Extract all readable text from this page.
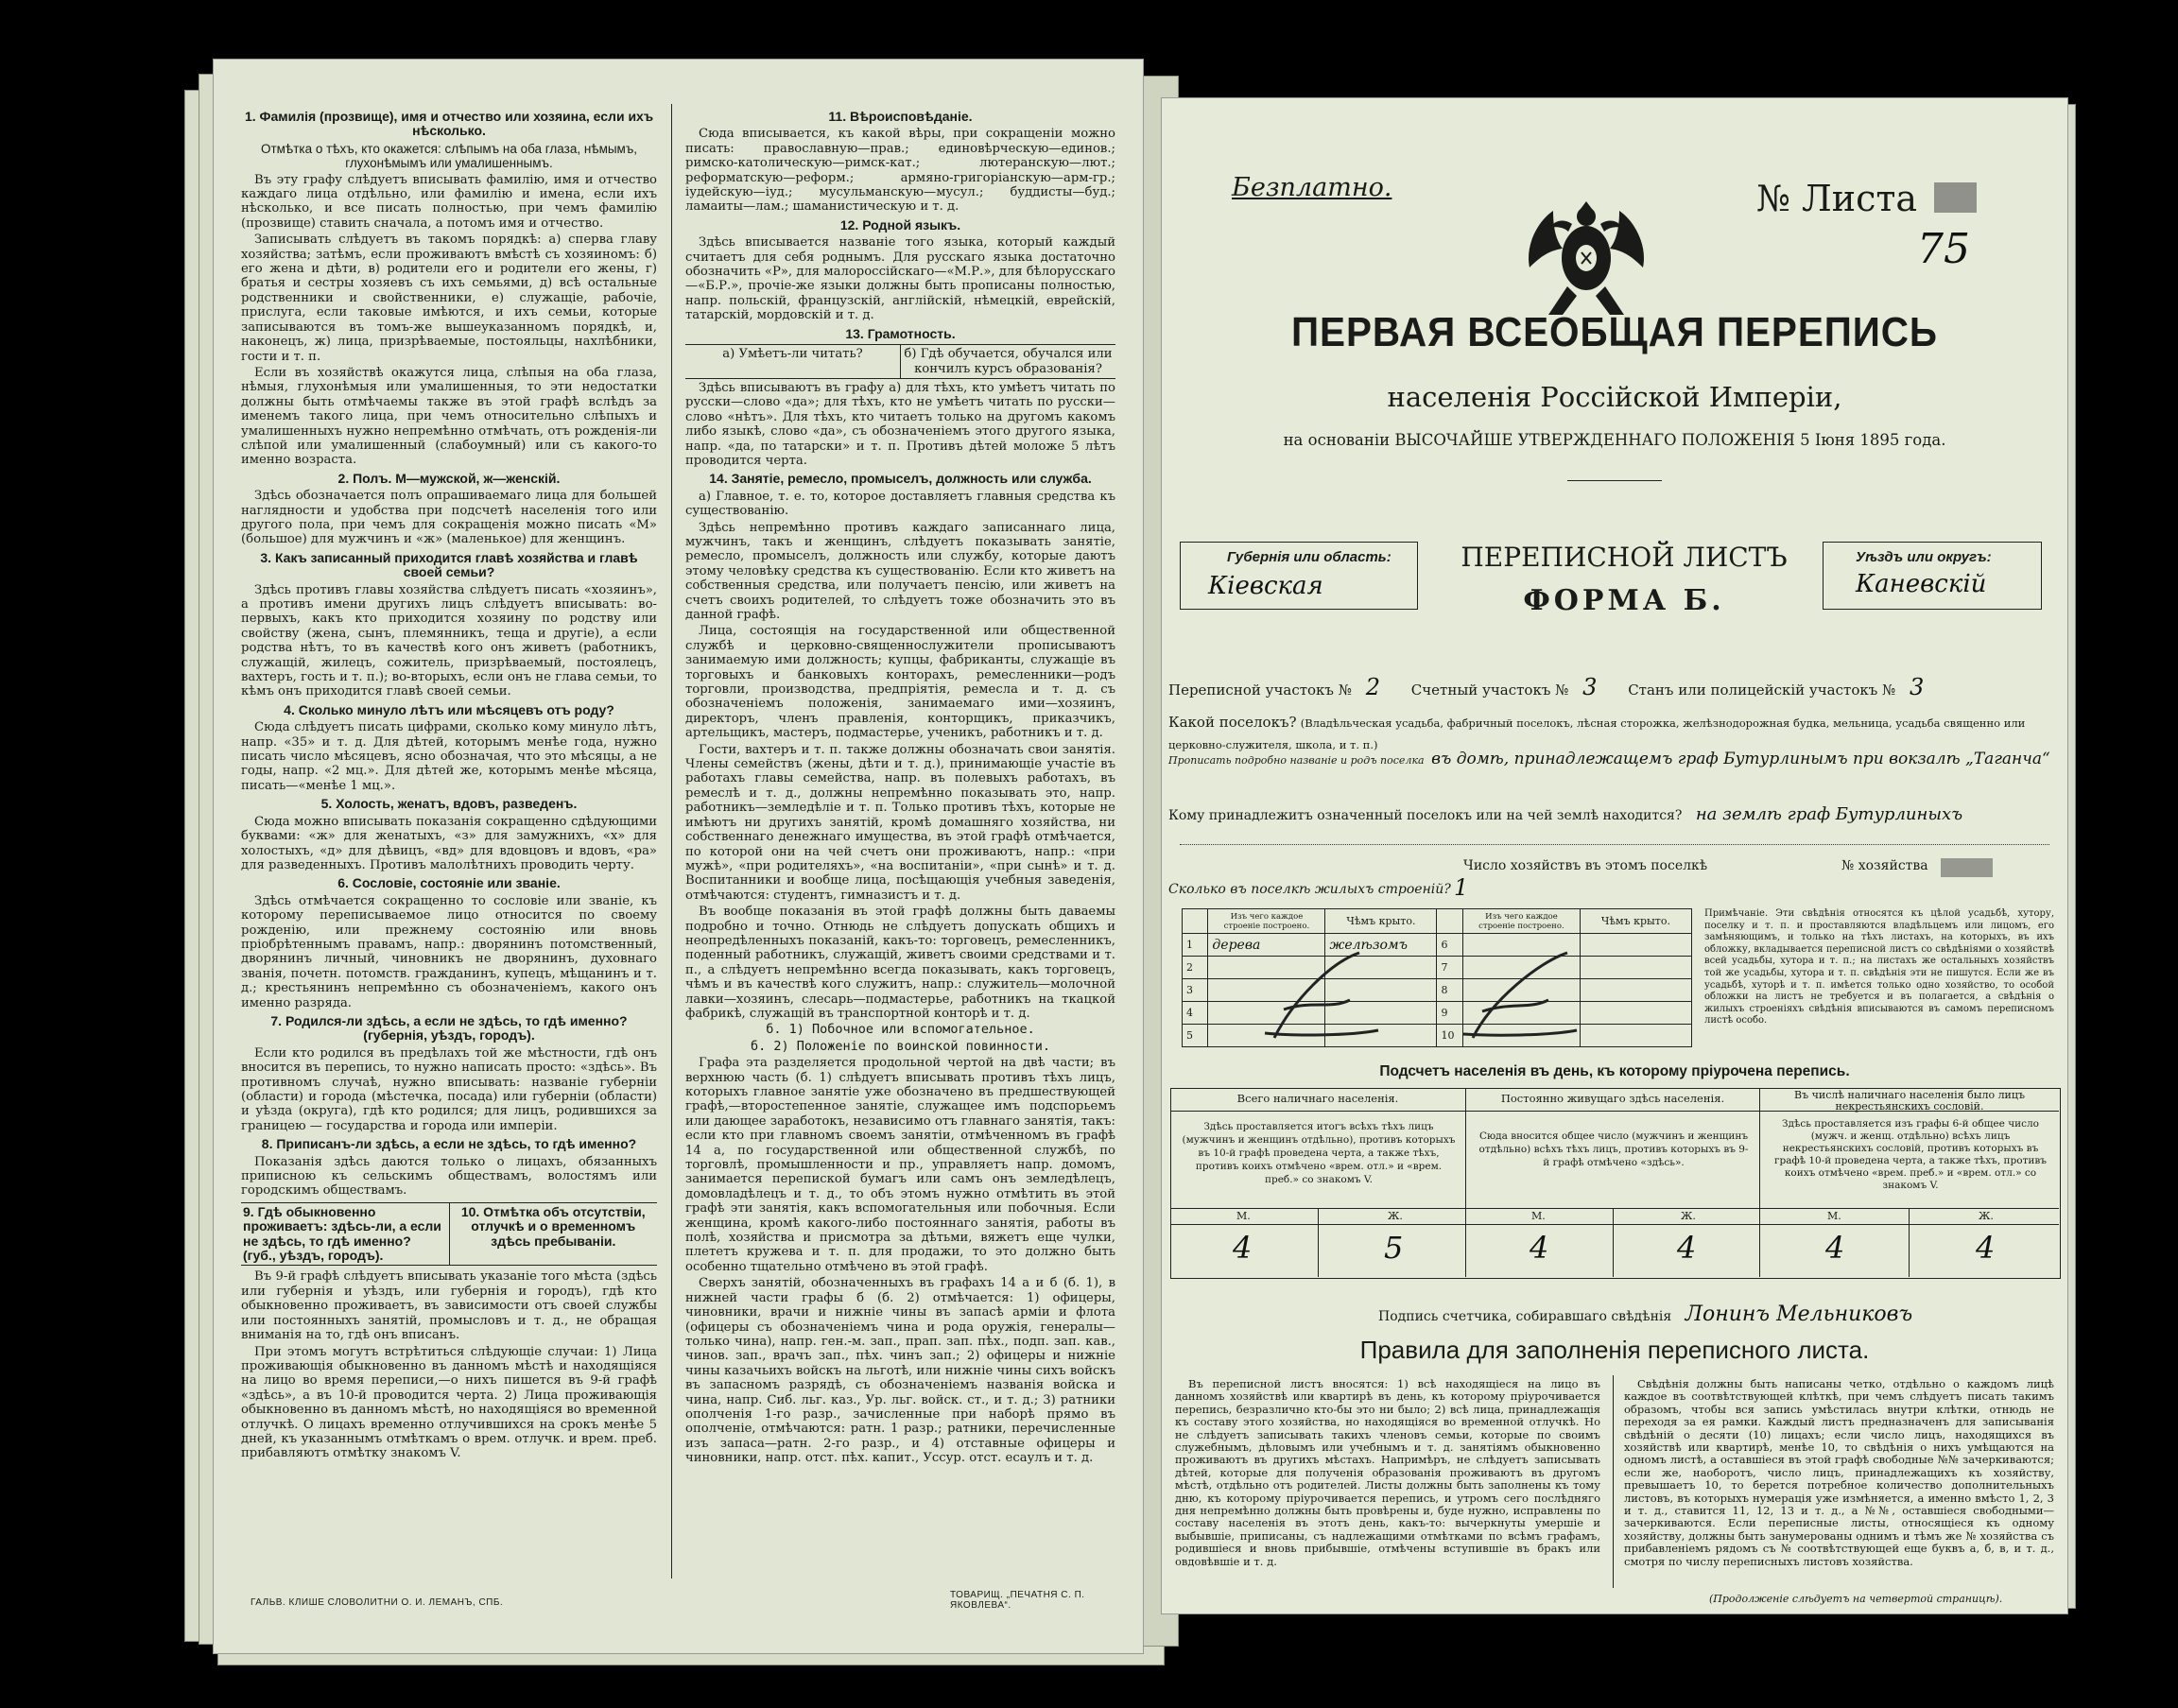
1. Фамилія (прозвище), имя и отчество или хозяина, если ихъ нѣсколько.
Отмѣтка о тѣхъ, кто окажется: слѣпымъ на оба глаза, нѣмымъ, глухонѣмымъ или умалишеннымъ.

Въ эту графу слѣдуетъ вписывать фамилію, имя и отчество каждаго лица отдѣльно, или фамилію и имена, если ихъ нѣсколько, и все писать полностью, при чемъ фамилію (прозвище) ставить сначала, а потомъ имя и отчество.

Записывать слѣдуетъ въ такомъ порядкѣ: а) сперва главу хозяйства; затѣмъ, если проживаютъ вмѣстѣ съ хозяиномъ: б) его жена и дѣти, в) родители его и родители его жены, г) братья и сестры хозяевъ съ ихъ семьями, д) всѣ остальные родственники и свойственники, е) служащіе, рабочіе, прислуга, если таковые имѣются, и ихъ семьи, которые записываются въ томъ-же вышеуказанномъ порядкѣ, и, наконецъ, ж) лица, призрѣваемые, постояльцы, нахлѣбники, гости и т. п.

Если въ хозяйствѣ окажутся лица, слѣпыя на оба глаза, нѣмыя, глухонѣмыя или умалишенныя, то эти недостатки должны быть отмѣчаемы также въ этой графѣ вслѣдъ за именемъ такого лица, при чемъ относительно слѣпыхъ и умалишенныхъ нужно непремѣнно отмѣчать, отъ рожденія-ли слѣпой или умалишенный (слабоумный) или съ какого-то именно возраста.

2. Полъ. М—мужской, ж—женскій.

Здѣсь обозначается полъ опрашиваемаго лица для большей наглядности и удобства при подсчетѣ населенія того или другого пола, при чемъ для сокращенія можно писать «М» (большое) для мужчинъ и «ж» (маленькое) для женщинъ.

3. Какъ записанный приходится главѣ хозяйства и главѣ своей семьи?

Здѣсь противъ главы хозяйства слѣдуетъ писать «хозяинъ», а противъ имени другихъ лицъ слѣдуетъ вписывать: во-первыхъ, какъ кто приходится хозяину по родству или свойству (жена, сынъ, племянникъ, теща и другіе), а если родства нѣтъ, то въ качествѣ кого онъ живетъ (работникъ, служащій, жилецъ, сожитель, призрѣваемый, постоялецъ, вахтеръ, гость и т. п.); во-вторыхъ, если онъ не глава семьи, то кѣмъ онъ приходится главѣ своей семьи.

4. Сколько минуло лѣтъ или мѣсяцевъ отъ роду?

Сюда слѣдуетъ писать цифрами, сколько кому минуло лѣтъ, напр. «35» и т. д. Для дѣтей, которымъ менѣе года, нужно писать число мѣсяцевъ, ясно обозначая, что это мѣсяцы, а не годы, напр. «2 мц.». Для дѣтей же, которымъ менѣе мѣсяца, писать—«менѣе 1 мц.».

5. Холость, женатъ, вдовъ, разведенъ.

Сюда можно вписывать показанія сокращенно сдѣдующими буквами: «ж» для женатыхъ, «з» для замужнихъ, «х» для холостыхъ, «д» для дѣвицъ, «вд» для вдовцовъ и вдовъ, «ра» для разведенныхъ. Противъ малолѣтнихъ проводить черту.

6. Сословіе, состояніе или званіе.

Здѣсь отмѣчается сокращенно то сословіе или званіе, къ которому переписываемое лицо относится по своему рожденію, или прежнему состоянію или вновь пріобрѣтеннымъ правамъ, напр.: дворянинъ потомственный, дворянинъ личный, чиновникъ не дворянинъ, духовнаго званія, почетн. потомств. гражданинъ, купецъ, мѣщанинъ и т. д.; крестьянинъ непремѣнно съ обозначеніемъ, какого онъ именно разряда.

7. Родился-ли здѣсь, а если не здѣсь, то гдѣ именно? (губернія, уѣздъ, городъ).

Если кто родился въ предѣлахъ той же мѣстности, гдѣ онъ вносится въ перепись, то нужно написать просто: «здѣсь». Въ противномъ случаѣ, нужно вписывать: названіе губерніи (области) и города (мѣстечка, посада) или губерніи (области) и уѣзда (округа), гдѣ кто родился; для лицъ, родившихся за границею — государства и города или имперіи.

8. Приписанъ-ли здѣсь, а если не здѣсь, то гдѣ именно?

Показанія здѣсь даются только о лицахъ, обязанныхъ приписною къ сельскимъ обществамъ, волостямъ или городскимъ обществамъ.

9. Гдѣ обыкновенно проживаетъ: здѣсь-ли, а если не здѣсь, то гдѣ именно? (губ., уѣздъ, городъ).
10. Отмѣтка объ отсутствіи, отлучкѣ и о временномъ здѣсь пребываніи.

Въ 9-й графѣ слѣдуетъ вписывать указаніе того мѣста (здѣсь или губернія и уѣздъ, или губернія и городъ), гдѣ кто обыкновенно проживаетъ, въ зависимости отъ своей службы или постоянныхъ занятій, промысловъ и т. д., не обращая вниманія на то, гдѣ онъ вписанъ.

При этомъ могутъ встрѣтиться слѣдующіе случаи: 1) Лица проживающія обыкновенно въ данномъ мѣстѣ и находящіяся на лицо во время переписи,—о нихъ пишется въ 9-й графѣ «здѣсь», а въ 10-й проводится черта. 2) Лица проживающія обыкновенно въ данномъ мѣстѣ, но находящіяся во временной отлучкѣ. О лицахъ временно отлучившихся на срокъ менѣе 5 дней, къ указаннымъ отмѣткамъ о врем. отлучк. и врем. преб. прибавляютъ отмѣтку знакомъ V.

11. Вѣроисповѣданіе.

Сюда вписывается, къ какой вѣры, при сокращеніи можно писать: православную—прав.; единовѣрческую—единов.; римско-католическую—римск-кат.; лютеранскую—лют.; реформатскую—реформ.; армяно-григоріанскую—арм-гр.; іудейскую—іуд.; мусульманскую—мусул.; буддисты—буд.; ламаиты—лам.; шаманистическую и т. д.

12. Родной языкъ.

Здѣсь вписывается названіе того языка, который каждый считаетъ для себя роднымъ. Для русскаго языка достаточно обозначить «Р», для малороссійскаго—«М.Р.», для бѣлорусскаго—«Б.Р.», прочіе-же языки должны быть прописаны полностью, напр. польскій, французскій, англійскій, нѣмецкій, еврейскій, татарскій, мордовскій и т. д.

13. Грамотность.
а) Умѣетъ-ли читать?	б) Гдѣ обучается, обучался или кончилъ курсъ образованія?

Здѣсь вписываютъ въ графу а) для тѣхъ, кто умѣетъ читать по русски—слово «да»; для тѣхъ, кто не умѣетъ читать по русски—слово «нѣтъ». Для тѣхъ, кто читаетъ только на другомъ какомъ либо языкѣ, слово «да», съ обозначеніемъ этого другого языка, напр. «да, по татарски» и т. п. Противъ дѣтей моложе 5 лѣтъ проводится черта.

14. Занятіе, ремесло, промыселъ, должность или служба.

а) Главное, т. е. то, которое доставляетъ главныя средства къ существованію.

Здѣсь непремѣнно противъ каждаго записаннаго лица, мужчинъ, такъ и женщинъ, слѣдуетъ показывать занятіе, ремесло, промыселъ, должность или службу, которые даютъ этому человѣку средства къ существованію. Если кто живетъ на собственныя средства, или получаетъ пенсію, или живетъ на счетъ своихъ родителей, то слѣдуетъ тоже обозначить это въ данной графѣ.

Лица, состоящія на государственной или общественной службѣ и церковно-священнослужители прописываютъ занимаемую ими должность; купцы, фабриканты, служащіе въ торговыхъ и банковыхъ конторахъ, ремесленники—родъ торговли, производства, предпріятія, ремесла и т. д. съ обозначеніемъ положенія, занимаемаго ими—хозяинъ, директоръ, членъ правленія, конторщикъ, приказчикъ, артельщикъ, мастеръ, подмастерье, ученикъ, работникъ и т. д.

Гости, вахтеръ и т. п. также должны обозначать свои занятія. Члены семействъ (жены, дѣти и т. д.), принимающіе участіе въ работахъ главы семейства, напр. въ полевыхъ работахъ, въ ремеслѣ и т. д., должны непремѣнно показывать это, напр. работникъ—земледѣліе и т. п. Только противъ тѣхъ, которые не имѣютъ ни другихъ занятій, кромѣ домашняго хозяйства, ни собственнаго денежнаго имущества, въ этой графѣ отмѣчается, по которой они на чей счетъ они проживаютъ, напр.: «при мужѣ», «при родителяхъ», «на воспитаніи», «при сынѣ» и т. д. Воспитанники и вообще лица, посѣщающія учебныя заведенія, отмѣчаются: студентъ, гимназистъ и т. д.

Въ вообще показанія въ этой графѣ должны быть даваемы подробно и точно. Отнюдь не слѣдуетъ допускать общихъ и неопредѣленныхъ показаній, какъ-то: торговецъ, ремесленникъ, поденный работникъ, служащій, живетъ своими средствами и т. п., а слѣдуетъ непремѣнно всегда показывать, какъ торговецъ, чѣмъ и въ качествѣ кого служитъ, напр.: служитель—молочной лавки—хозяинъ, слесарь—подмастерье, работникъ на ткацкой фабрикѣ, служащій въ транспортной конторѣ и т. д.

б. 1) Побочное или вспомогательное.
б. 2) Положеніе по воинской повинности.

Графа эта разделяется продольной чертой на двѣ части; въ верхнюю часть (б. 1) слѣдуетъ вписывать противъ тѣхъ лицъ, которыхъ главное занятіе уже обозначено въ предшествующей графѣ,—второстепенное занятіе, служащее имъ подспорьемъ или дающее заработокъ, независимо отъ главнаго занятія, такъ: если кто при главномъ своемъ занятіи, отмѣченномъ въ графѣ 14 а, по государственной или общественной службѣ, по торговлѣ, промышленности и пр., управляетъ напр. домомъ, занимается перепиской бумагъ или самъ онъ земледѣлецъ, домовладѣлецъ и т. д., то объ этомъ нужно отмѣтить въ этой графѣ эти занятія, какъ вспомогательныя или побочныя. Если женщина, кромѣ какого-либо постояннаго занятія, работы въ полѣ, хозяйства и присмотра за дѣтьми, вяжетъ еще чулки, плететъ кружева и т. п. для продажи, то это должно быть особенно тщательно отмѣчено въ этой графѣ.

Сверхъ занятій, обозначенныхъ въ графахъ 14 а и б (б. 1), в нижней части графы б (б. 2) отмѣчается: 1) офицеры, чиновники, врачи и нижніе чины въ запасѣ арміи и флота (офицеры съ обозначеніемъ чина и рода оружія, генералы—только чина), напр. ген.-м. зап., прап. зап. пѣх., подп. зап. кав., чинов. зап., врачъ зап., пѣх. чинъ зап.; 2) офицеры и нижніе чины казачьихъ войскъ на льготѣ, или нижніе чины сихъ войскъ въ запасномъ разрядѣ, съ обозначеніемъ названія войска и чина, напр. Сиб. льг. каз., Ур. льг. войск. ст., и т. д.; 3) ратники ополченія 1-го разр., зачисленные при наборѣ прямо въ ополченіе, отмѣчаются: ратн. 1 разр.; ратники, перечисленные изъ запаса—ратн. 2-го разр., и 4) отставные офицеры и чиновники, напр. отст. пѣх. капит., Уссур. отст. есаулъ и т. д.

ГАЛЬВ. КЛИШЕ СЛОВОЛИТНИ О. И. ЛЕМАНЪ, СПБ.
ТОВАРИЩ. „ПЕЧАТНЯ С. П. ЯКОВЛЕВА“.
Безплатно.	№ Листа
75
ПЕРВАЯ ВСЕОБЩАЯ ПЕРЕПИСЬ
населенія Россійской Имперіи,
на основаніи ВЫСОЧАЙШЕ УТВЕРЖДЕННАГО ПОЛОЖЕНІЯ 5 Іюня 1895 года.
Губернія или область:
Кіевская
ПЕРЕПИСНОЙ ЛИСТЪ
ФОРМА Б.
Уѣздъ или округъ:
Каневскій
Переписной участокъ № 2 Счетный участокъ № 3 Станъ или полицейскій участокъ № 3
Какой поселокъ? (Владѣльческая усадьба, фабричный поселокъ, лѣсная сторожка, желѣзнодорожная будка, мельница, усадьба священно или церковно-служителя, школа, и т. п.)
Прописать подробно названіе и родъ поселка въ домѣ, принадлежащемъ граф Бутурлинымъ при вокзалѣ „Таганча“
Кому принадлежитъ означенный поселокъ или на чей землѣ находится? на землѣ граф Бутурлиныхъ
Число хозяйствъ въ этомъ поселкѣ	№ хозяйства
Сколько въ поселкѣ жилыхъ строеній? 1
	Изъ чего каждое строеніе построено.	Чѣмъ крыто.		Изъ чего каждое строеніе построено.	Чѣмъ крыто.
1	дерева	желѣзомъ	6		
2			7		
3			8		
4			9		
5			10		
Примѣчаніе. Эти свѣдѣнія относятся къ цѣлой усадьбѣ, хутору, поселку и т. п. и проставляются владѣльцемъ или лицомъ, его замѣняющимъ, и только на тѣхъ листахъ, на которыхъ, въ ихъ обложку, вкладывается переписной листъ со свѣдѣніями о хозяйствѣ всей усадьбы, хутора и т. п.; на листахъ же остальныхъ хозяйствъ той же усадьбы, хутора и т. п. свѣдѣнія эти не пишутся. Если же въ усадьбѣ, хуторѣ и т. п. имѣется только одно хозяйство, то особой обложки на листъ не требуется и въ полагается, а свѣдѣнія о жилыхъ строеніяхъ свѣдѣнія вписываются въ самомъ переписномъ листѣ особо.
Подсчетъ населенія въ день, къ которому пріурочена перепись.
Всего наличнаго населенія.	Постоянно живущаго здѣсь населенія.	Въ числѣ наличнаго населенія было лицъ некрестьянскихъ сословій.
Здѣсь проставляется итогъ всѣхъ тѣхъ лицъ (мужчинъ и женщинъ отдѣльно), противъ которыхъ въ 10-й графѣ проведена черта, а также тѣхъ, противъ коихъ отмѣчено «врем. отл.» и «врем. преб.» со знакомъ V.
Сюда вносится общее число (мужчинъ и женщинъ отдѣльно) всѣхъ тѣхъ лицъ, противъ которыхъ въ 9-й графѣ отмѣчено «здѣсь».
Здѣсь проставляется изъ графы 6-й общее число (мужч. и женщ. отдѣльно) всѣхъ лицъ некрестьянскихъ сословій, противъ которыхъ въ графѣ 10-й проведена черта, а также тѣхъ, противъ коихъ отмѣчено «врем. преб.» и «врем. отл.» со знакомъ V.
М.	Ж.	М.	Ж.	М.	Ж.
4	5	4	4	4	4
Подпись счетчика, собиравшаго свѣдѣнія Лонинъ Мельниковъ
Правила для заполненія переписного листа.
Въ переписной листъ вносятся: 1) всѣ находящіеся на лицо въ данномъ хозяйствѣ или квартирѣ въ день, къ которому пріурочивается перепись, безразлично кто-бы это ни было; 2) всѣ лица, принадлежащія къ составу этого хозяйства, но находящіяся во временной отлучкѣ. Но не слѣдуетъ записывать такихъ членовъ семьи, которые по своимъ служебнымъ, дѣловымъ или учебнымъ и т. д. занятіямъ обыкновенно проживаютъ въ другихъ мѣстахъ. Напримѣръ, не слѣдуетъ записывать дѣтей, которые для полученія образованія проживаютъ въ другомъ мѣстѣ, отдѣльно отъ родителей. Листы должны быть заполнены къ тому дню, къ которому пріурочивается перепись, и утромъ сего послѣдняго дня непремѣнно должны быть провѣрены и, буде нужно, исправлены по составу населенія въ этотъ день, какъ-то: вычеркнуты умершіе и выбывшіе, приписаны, съ надлежащими отмѣтками по всѣмъ графамъ, родившіеся и вновь прибывшіе, отмѣчены вступившіе въ бракъ или овдовѣвшіе и т. д.
Свѣдѣнія должны быть написаны четко, отдѣльно о каждомъ лицѣ каждое въ соотвѣтствующей клѣткѣ, при чемъ слѣдуетъ писать такимъ образомъ, чтобы вся запись умѣстилась внутри клѣтки, отнюдь не переходя за ея рамки. Каждый листъ предназначенъ для записыванія свѣдѣній о десяти (10) лицахъ; если число лицъ, находящихся въ хозяйствѣ или квартирѣ, менѣе 10, то свѣдѣнія о нихъ умѣщаются на одномъ листѣ, а оставшіеся въ этой графѣ свободные №№ зачеркиваются; если же, наоборотъ, число лицъ, принадлежащихъ къ хозяйству, превышаетъ 10, то берется потребное количество дополнительныхъ листовъ, въ которыхъ нумерація уже измѣняется, а именно вмѣсто 1, 2, 3 и т. д., ставится 11, 12, 13 и т. д., а №№, оставшіеся свободными—зачеркиваются. Если переписные листы, относящіеся къ одному хозяйству, должны быть занумерованы однимъ и тѣмъ же № хозяйства съ прибавленіемъ рядомъ съ № соотвѣтствующей еще буквъ а, б, в, и т. д., смотря по числу переписныхъ листовъ хозяйства.
(Продолженіе слѣдуетъ на четвертой страницѣ).
